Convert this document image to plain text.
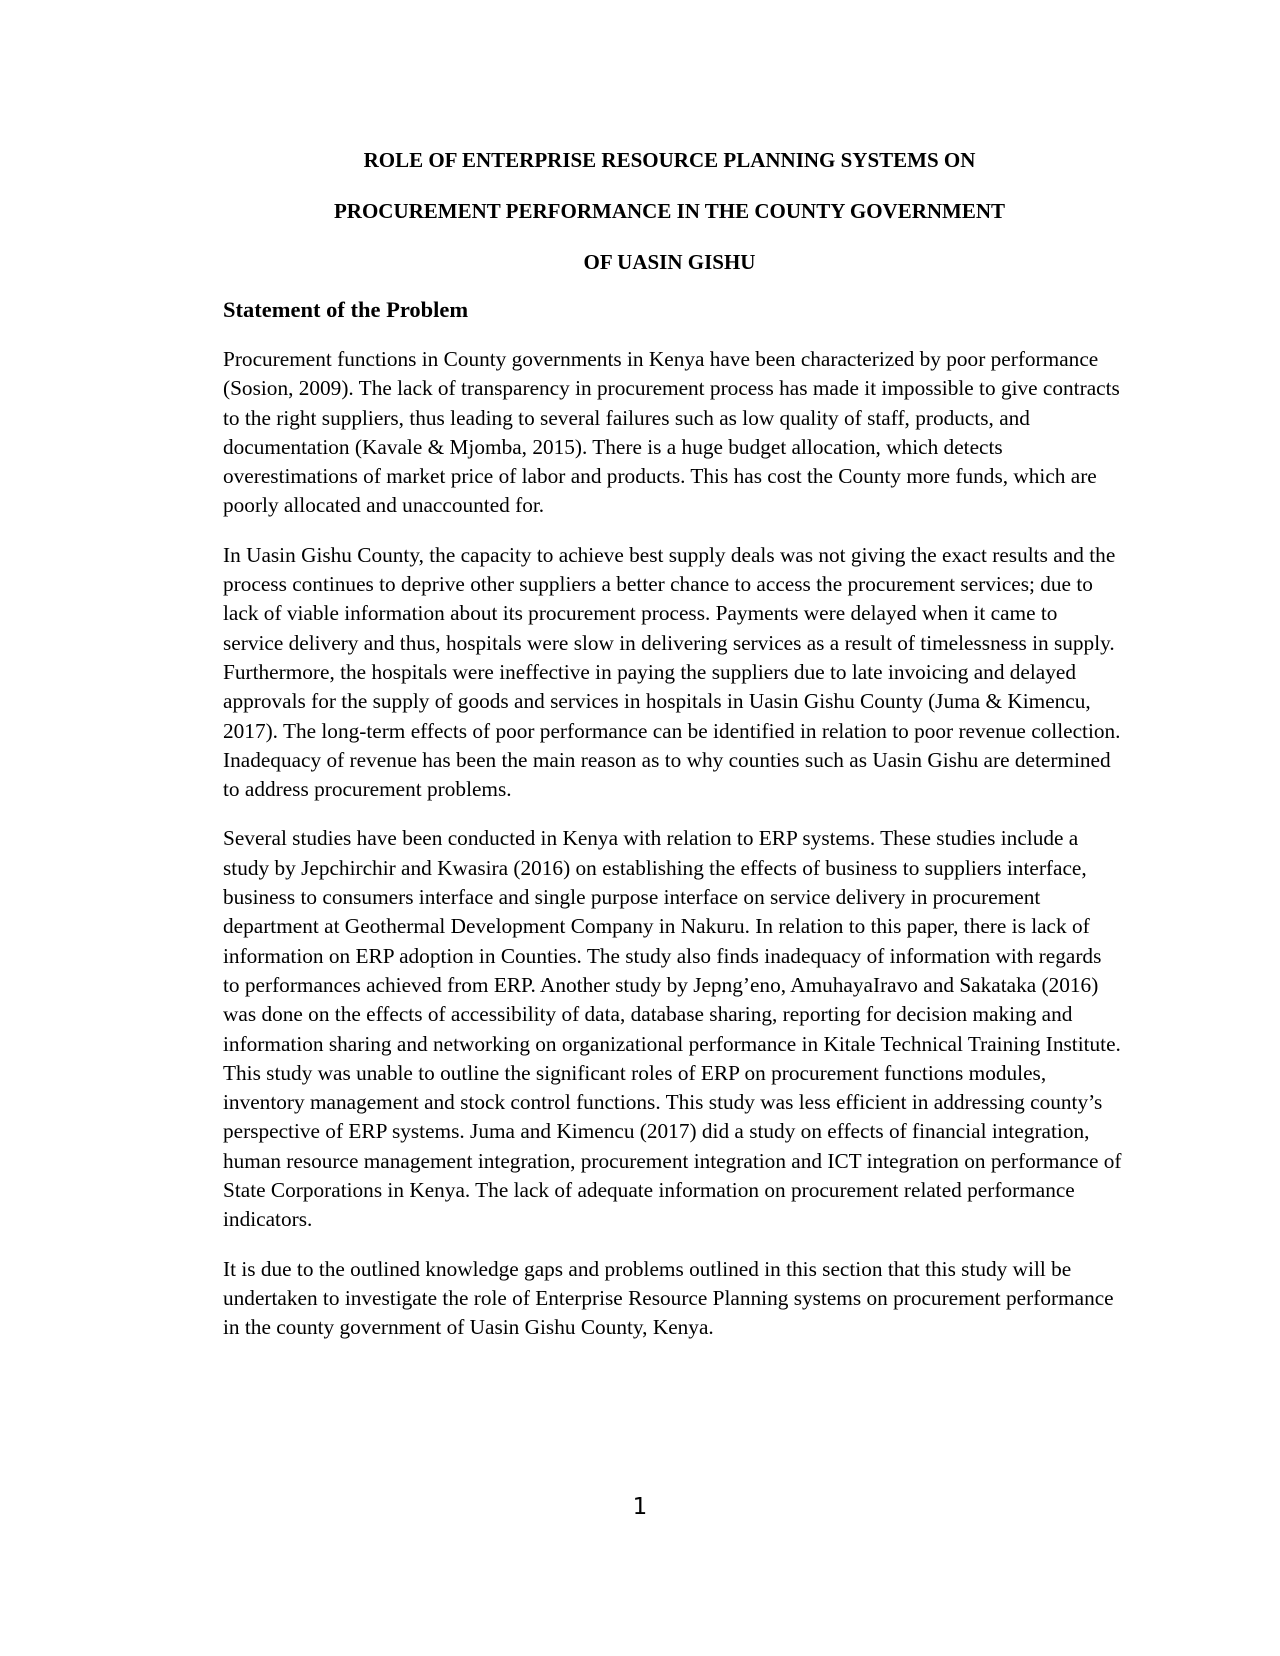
ROLE OF ENTERPRISE RESOURCE PLANNING SYSTEMS ON
PROCUREMENT PERFORMANCE IN THE COUNTY GOVERNMENT
OF UASIN GISHU
Statement of the Problem

Procurement functions in County governments in Kenya have been characterized by poor performance (Sosion, 2009). The lack of transparency in procurement process has made it impossible to give contracts to the right suppliers, thus leading to several failures such as low quality of staff, products, and documentation (Kavale & Mjomba, 2015). There is a huge budget allocation, which detects overestimations of market price of labor and products. This has cost the County more funds, which are poorly allocated and unaccounted for.

In Uasin Gishu County, the capacity to achieve best supply deals was not giving the exact results and the process continues to deprive other suppliers a better chance to access the procurement services; due to lack of viable information about its procurement process. Payments were delayed when it came to service delivery and thus, hospitals were slow in delivering services as a result of timelessness in supply. Furthermore, the hospitals were ineffective in paying the suppliers due to late invoicing and delayed approvals for the supply of goods and services in hospitals in Uasin Gishu County (Juma & Kimencu, 2017). The long-term effects of poor performance can be identified in relation to poor revenue collection. Inadequacy of revenue has been the main reason as to why counties such as Uasin Gishu are determined to address procurement problems.

Several studies have been conducted in Kenya with relation to ERP systems. These studies include a study by Jepchirchir and Kwasira (2016) on establishing the effects of business to suppliers interface, business to consumers interface and single purpose interface on service delivery in procurement department at Geothermal Development Company in Nakuru. In relation to this paper, there is lack of information on ERP adoption in Counties. The study also finds inadequacy of information with regards to performances achieved from ERP. Another study by Jepng’eno, AmuhayaIravo and Sakataka (2016) was done on the effects of accessibility of data, database sharing, reporting for decision making and information sharing and networking on organizational performance in Kitale Technical Training Institute. This study was unable to outline the significant roles of ERP on procurement functions modules, inventory management and stock control functions. This study was less efficient in addressing county’s perspective of ERP systems. Juma and Kimencu (2017) did a study on effects of financial integration, human resource management integration, procurement integration and ICT integration on performance of State Corporations in Kenya. The lack of adequate information on procurement related performance indicators.

It is due to the outlined knowledge gaps and problems outlined in this section that this study will be undertaken to investigate the role of Enterprise Resource Planning systems on procurement performance in the county government of Uasin Gishu County, Kenya.

1
